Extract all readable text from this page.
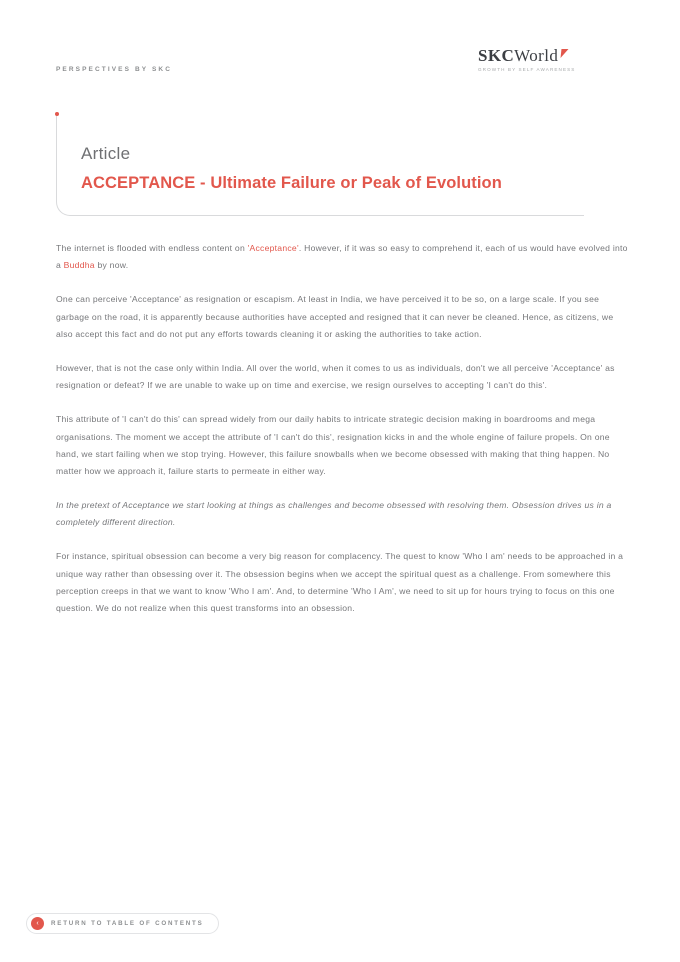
PERSPECTIVES BY SKC
SKCWorld
GROWTH BY SELF AWARENESS
Article
ACCEPTANCE - Ultimate Failure or Peak of Evolution

The internet is flooded with endless content on 'Acceptance'. However, if it was so easy to comprehend it, each of us would have evolved into a Buddha by now.

One can perceive 'Acceptance' as resignation or escapism. At least in India, we have perceived it to be so, on a large scale. If you see garbage on the road, it is apparently because authorities have accepted and resigned that it can never be cleaned. Hence, as citizens, we also accept this fact and do not put any efforts towards cleaning it or asking the authorities to take action.

However, that is not the case only within India. All over the world, when it comes to us as individuals, don't we all perceive 'Acceptance' as resignation or defeat? If we are unable to wake up on time and exercise, we resign ourselves to accepting 'I can't do this'.

This attribute of 'I can't do this' can spread widely from our daily habits to intricate strategic decision making in boardrooms and mega organisations. The moment we accept the attribute of 'I can't do this', resignation kicks in and the whole engine of failure propels. On one hand, we start failing when we stop trying. However, this failure snowballs when we become obsessed with making that thing happen. No matter how we approach it, failure starts to permeate in either way.

In the pretext of Acceptance we start looking at things as challenges and become obsessed with resolving them. Obsession drives us in a completely different direction.

For instance, spiritual obsession can become a very big reason for complacency. The quest to know 'Who I am' needs to be approached in a unique way rather than obsessing over it. The obsession begins when we accept the spiritual quest as a challenge. From somewhere this perception creeps in that we want to know 'Who I am'. And, to determine 'Who I Am', we need to sit up for hours trying to focus on this one question. We do not realize when this quest transforms into an obsession.

‹	RETURN TO TABLE OF CONTENTS
